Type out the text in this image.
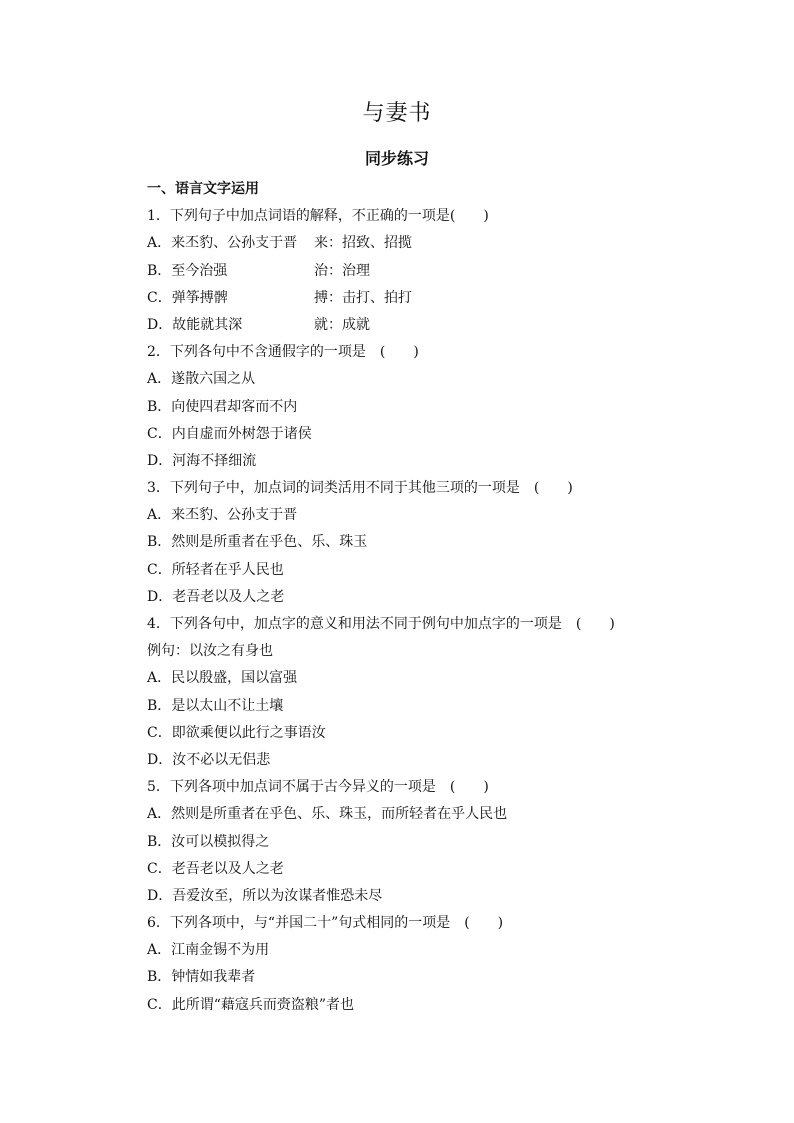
与妻书
同步练习
一、语言文字运用
1．下列句子中加点词语的解释，不正确的一项是(　　)
A．来丕豹、公孙支于晋 来：招致、招揽
B．至今治强	治：治理
C．弹筝搏髀	搏：击打、拍打
D．故能就其深	就：成就
2．下列各句中不含通假字的一项是　(　　)
A．遂散六国之从
B．向使四君却客而不内
C．内自虚而外树怨于诸侯
D．河海不择细流
3．下列句子中，加点词的词类活用不同于其他三项的一项是　(　　)
A．来丕豹、公孙支于晋
B．然则是所重者在乎色、乐、珠玉
C．所轻者在乎人民也
D．老吾老以及人之老
4．下列各句中，加点字的意义和用法不同于例句中加点字的一项是　(　　)
例句：以汝之有身也
A．民以殷盛，国以富强
B．是以太山不让土壤
C．即欲乘便以此行之事语汝
D．汝不必以无侣悲
5．下列各项中加点词不属于古今异义的一项是　(　　)
A．然则是所重者在乎色、乐、珠玉，而所轻者在乎人民也
B．汝可以模拟得之
C．老吾老以及人之老
D．吾爱汝至，所以为汝谋者惟恐未尽
6．下列各项中，与“并国二十”句式相同的一项是　(　　)
A．江南金锡不为用
B．钟情如我辈者
C．此所谓“藉寇兵而赍盗粮”者也
